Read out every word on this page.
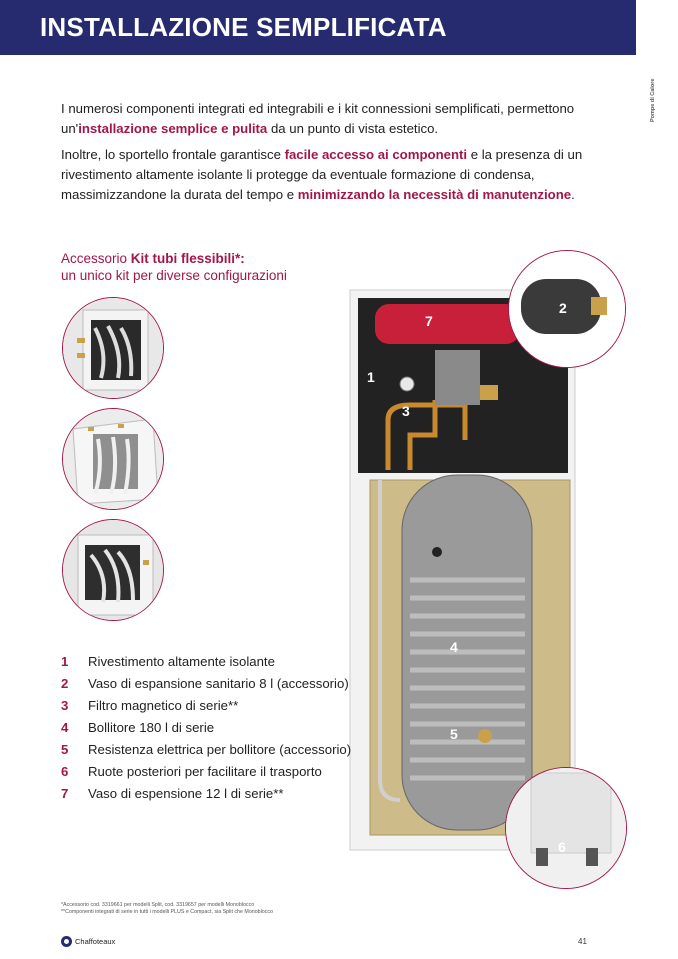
INSTALLAZIONE SEMPLIFICATA
Pompe di Calore

I numerosi componenti integrati ed integrabili e i kit connessioni semplificati, permettono un'installazione semplice e pulita da un punto di vista estetico.

Inoltre, lo sportello frontale garantisce facile accesso ai componenti e la presenza di un rivestimento altamente isolante li protegge da eventuale formazione di condensa, massimizzandone la durata del tempo e minimizzando la necessità di manutenzione.

Accessorio Kit tubi flessibili*:
un unico kit per diverse configurazioni
7
1
3
4
5
2
6
1	Rivestimento altamente isolante
2	Vaso di espansione sanitario 8 l (accessorio)
3	Filtro magnetico di serie**
4	Bollitore 180 l di serie
5	Resistenza elettrica per bollitore (accessorio)
6	Ruote posteriori per facilitare il trasporto
7	Vaso di espensione 12 l di serie**
*Accessorio cod. 3319661 per modelli Split, cod. 3319657 per modelli Monoblocco
**Componenti integrati di serie in tutti i modelli PLUS e Compact, sia Split che Monoblocco
Chaffoteaux	41
